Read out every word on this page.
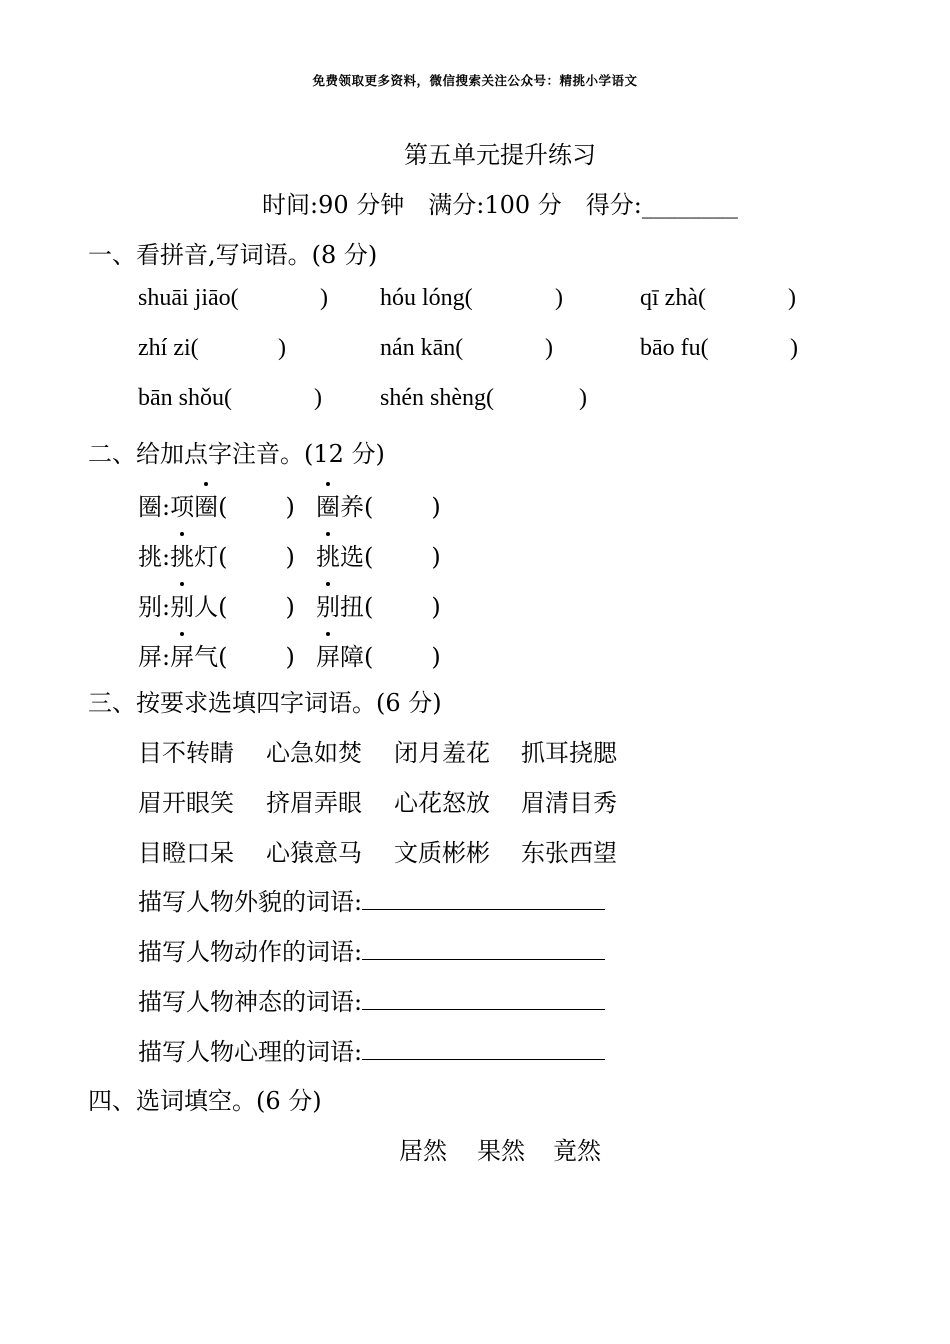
免费领取更多资料，微信搜索关注公众号：精挑小学语文
第五单元提升练习
时间:90 分钟 满分:100 分 得分:________
一、看拼音,写词语。(8 分)
shuāi jiāo(	) hóu lóng(	)	qī zhà(	)
zhí zi(	)	nán kān(	)	bāo fu(	)
bān shǒu(	) shén shèng(	)
二、给加点字注音。(12 分)
圈:项圈( ) 圈养( )
挑:挑灯( ) 挑选( )
别:别人( ) 别扭( )
屏:屏气( ) 屏障( )
三、按要求选填四字词语。(6 分)
目不转睛 心急如焚 闭月羞花 抓耳挠腮
眉开眼笑 挤眉弄眼 心花怒放 眉清目秀
目瞪口呆 心猿意马 文质彬彬 东张西望
描写人物外貌的词语:
描写人物动作的词语:
描写人物神态的词语:
描写人物心理的词语:
四、选词填空。(6 分)
居然 果然 竟然
